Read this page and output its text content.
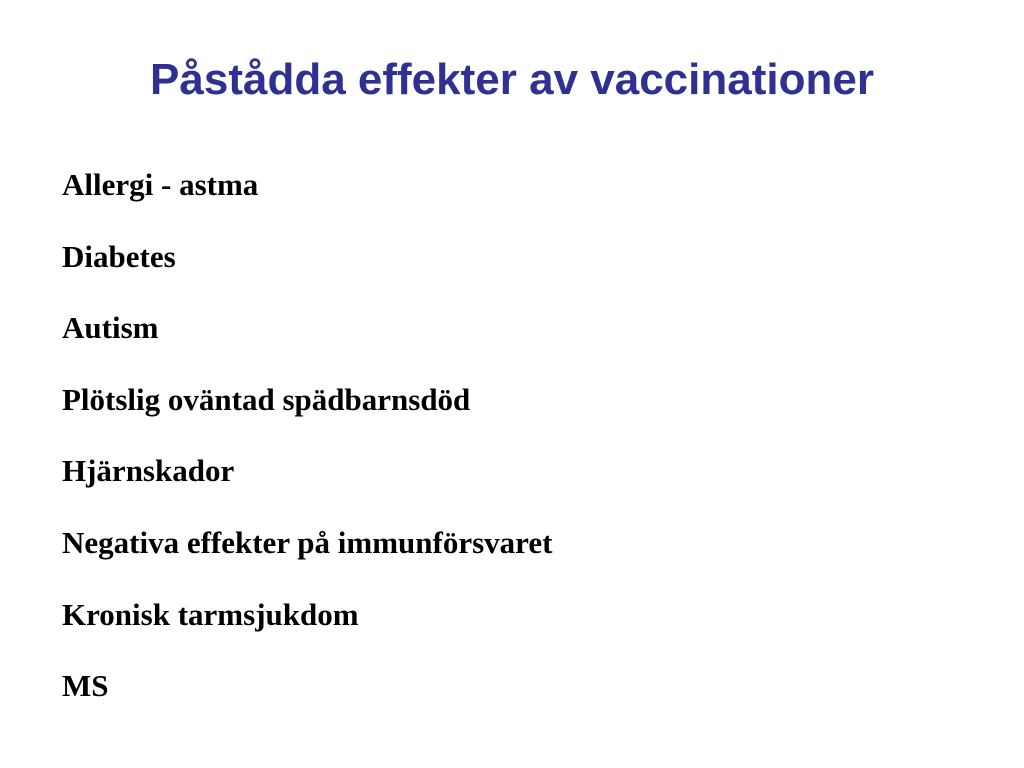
Påstådda effekter av vaccinationer
Allergi - astma
Diabetes
Autism
Plötslig oväntad spädbarnsdöd
Hjärnskador
Negativa effekter på immunförsvaret
Kronisk tarmsjukdom
MS
